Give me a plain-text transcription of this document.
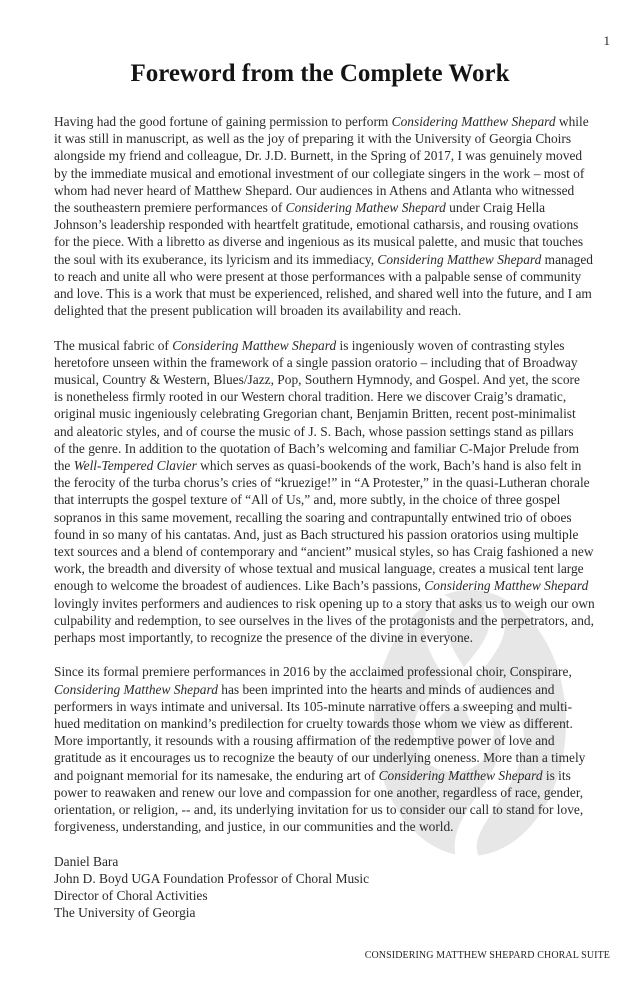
1
Foreword from the Complete Work
Having had the good fortune of gaining permission to perform Considering Matthew Shepard while
it was still in manuscript, as well as the joy of preparing it with the University of Georgia Choirs
alongside my friend and colleague, Dr. J.D. Burnett, in the Spring of 2017, I was genuinely moved
by the immediate musical and emotional investment of our collegiate singers in the work – most of
whom had never heard of Matthew Shepard. Our audiences in Athens and Atlanta who witnessed
the southeastern premiere performances of Considering Mathew Shepard under Craig Hella
Johnson’s leadership responded with heartfelt gratitude, emotional catharsis, and rousing ovations
for the piece. With a libretto as diverse and ingenious as its musical palette, and music that touches
the soul with its exuberance, its lyricism and its immediacy, Considering Matthew Shepard managed
to reach and unite all who were present at those performances with a palpable sense of community
and love. This is a work that must be experienced, relished, and shared well into the future, and I am
delighted that the present publication will broaden its availability and reach.
The musical fabric of Considering Matthew Shepard is ingeniously woven of contrasting styles
heretofore unseen within the framework of a single passion oratorio – including that of Broadway
musical, Country & Western, Blues/Jazz, Pop, Southern Hymnody, and Gospel. And yet, the score
is nonetheless firmly rooted in our Western choral tradition. Here we discover Craig’s dramatic,
original music ingeniously celebrating Gregorian chant, Benjamin Britten, recent post-minimalist
and aleatoric styles, and of course the music of J. S. Bach, whose passion settings stand as pillars
of the genre. In addition to the quotation of Bach’s welcoming and familiar C-Major Prelude from
the Well-Tempered Clavier which serves as quasi-bookends of the work, Bach’s hand is also felt in
the ferocity of the turba chorus’s cries of “kruezige!” in “A Protester,” in the quasi-Lutheran chorale
that interrupts the gospel texture of “All of Us,” and, more subtly, in the choice of three gospel
sopranos in this same movement, recalling the soaring and contrapuntally entwined trio of oboes
found in so many of his cantatas. And, just as Bach structured his passion oratorios using multiple
text sources and a blend of contemporary and “ancient” musical styles, so has Craig fashioned a new
work, the breadth and diversity of whose textual and musical language, creates a musical tent large
enough to welcome the broadest of audiences. Like Bach’s passions, Considering Matthew Shepard
lovingly invites performers and audiences to risk opening up to a story that asks us to weigh our own
culpability and redemption, to see ourselves in the lives of the protagonists and the perpetrators, and,
perhaps most importantly, to recognize the presence of the divine in everyone.
Since its formal premiere performances in 2016 by the acclaimed professional choir, Conspirare,
Considering Matthew Shepard has been imprinted into the hearts and minds of audiences and
performers in ways intimate and universal. Its 105-minute narrative offers a sweeping and multi-
hued meditation on mankind’s predilection for cruelty towards those whom we view as different.
More importantly, it resounds with a rousing affirmation of the redemptive power of love and
gratitude as it encourages us to recognize the beauty of our underlying oneness. More than a timely
and poignant memorial for its namesake, the enduring art of Considering Matthew Shepard is its
power to reawaken and renew our love and compassion for one another, regardless of race, gender,
orientation, or religion, -- and, its underlying invitation for us to consider our call to stand for love,
forgiveness, understanding, and justice, in our communities and the world.
Daniel Bara
John D. Boyd UGA Foundation Professor of Choral Music
Director of Choral Activities
The University of Georgia
CONSIDERING MATTHEW SHEPARD CHORAL SUITE
